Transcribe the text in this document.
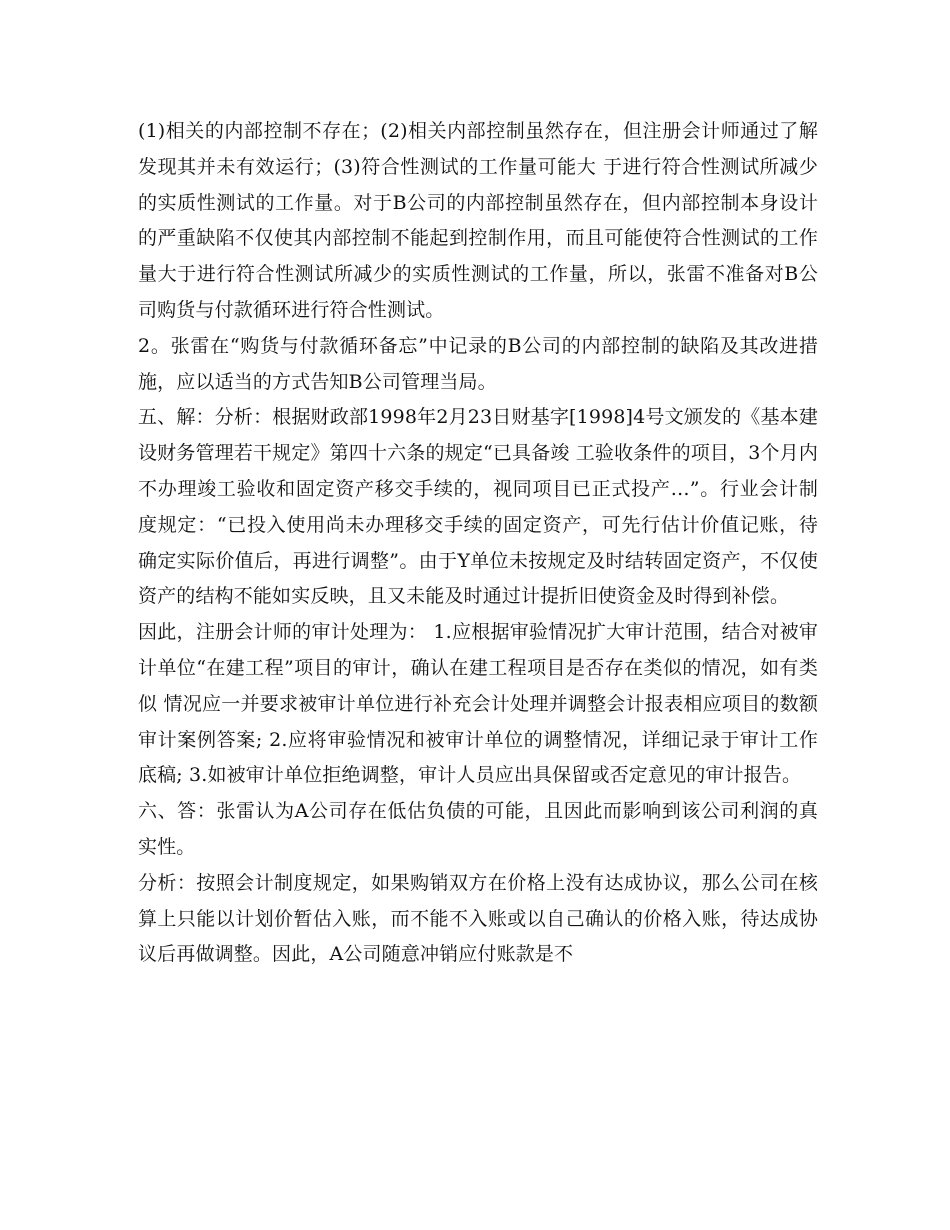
(1)相关的内部控制不存在；(2)相关内部控制虽然存在，但注册会计师通过了解发现其并未有效运行；(3)符合性测试的工作量可能大 于进行符合性测试所减少的实质性测试的工作量。对于B公司的内部控制虽然存在，但内部控制本身设计的严重缺陷不仅使其内部控制不能起到控制作用，而且可能使符合性测试的工作量大于进行符合性测试所减少的实质性测试的工作量，所以，张雷不准备对B公司购货与付款循环进行符合性测试。

2。张雷在“购货与付款循环备忘”中记录的B公司的内部控制的缺陷及其改进措施，应以适当的方式告知B公司管理当局。

五、解：分析：根据财政部1998年2月23日财基字[1998]4号文颁发的《基本建设财务管理若干规定》第四十六条的规定“已具备竣 工验收条件的项目，3个月内不办理竣工验收和固定资产移交手续的，视同项目已正式投产…”。行业会计制度规定：“已投入使用尚未办理移交手续的固定资产，可先行估计价值记账，待确定实际价值后，再进行调整”。由于Y单位未按规定及时结转固定资产，不仅使资产的结构不能如实反映，且又未能及时通过计提折旧使资金及时得到补偿。

因此，注册会计师的审计处理为： 1.应根据审验情况扩大审计范围，结合对被审计单位“在建工程”项目的审计，确认在建工程项目是否存在类似的情况，如有类似 情况应一并要求被审计单位进行补充会计处理并调整会计报表相应项目的数额审计案例答案; 2.应将审验情况和被审计单位的调整情况，详细记录于审计工作底稿; 3.如被审计单位拒绝调整，审计人员应出具保留或否定意见的审计报告。

六、答：张雷认为A公司存在低估负债的可能，且因此而影响到该公司利润的真实性。

分析：按照会计制度规定，如果购销双方在价格上没有达成协议，那么公司在核算上只能以计划价暂估入账，而不能不入账或以自己确认的价格入账，待达成协议后再做调整。因此，A公司随意冲销应付账款是不
